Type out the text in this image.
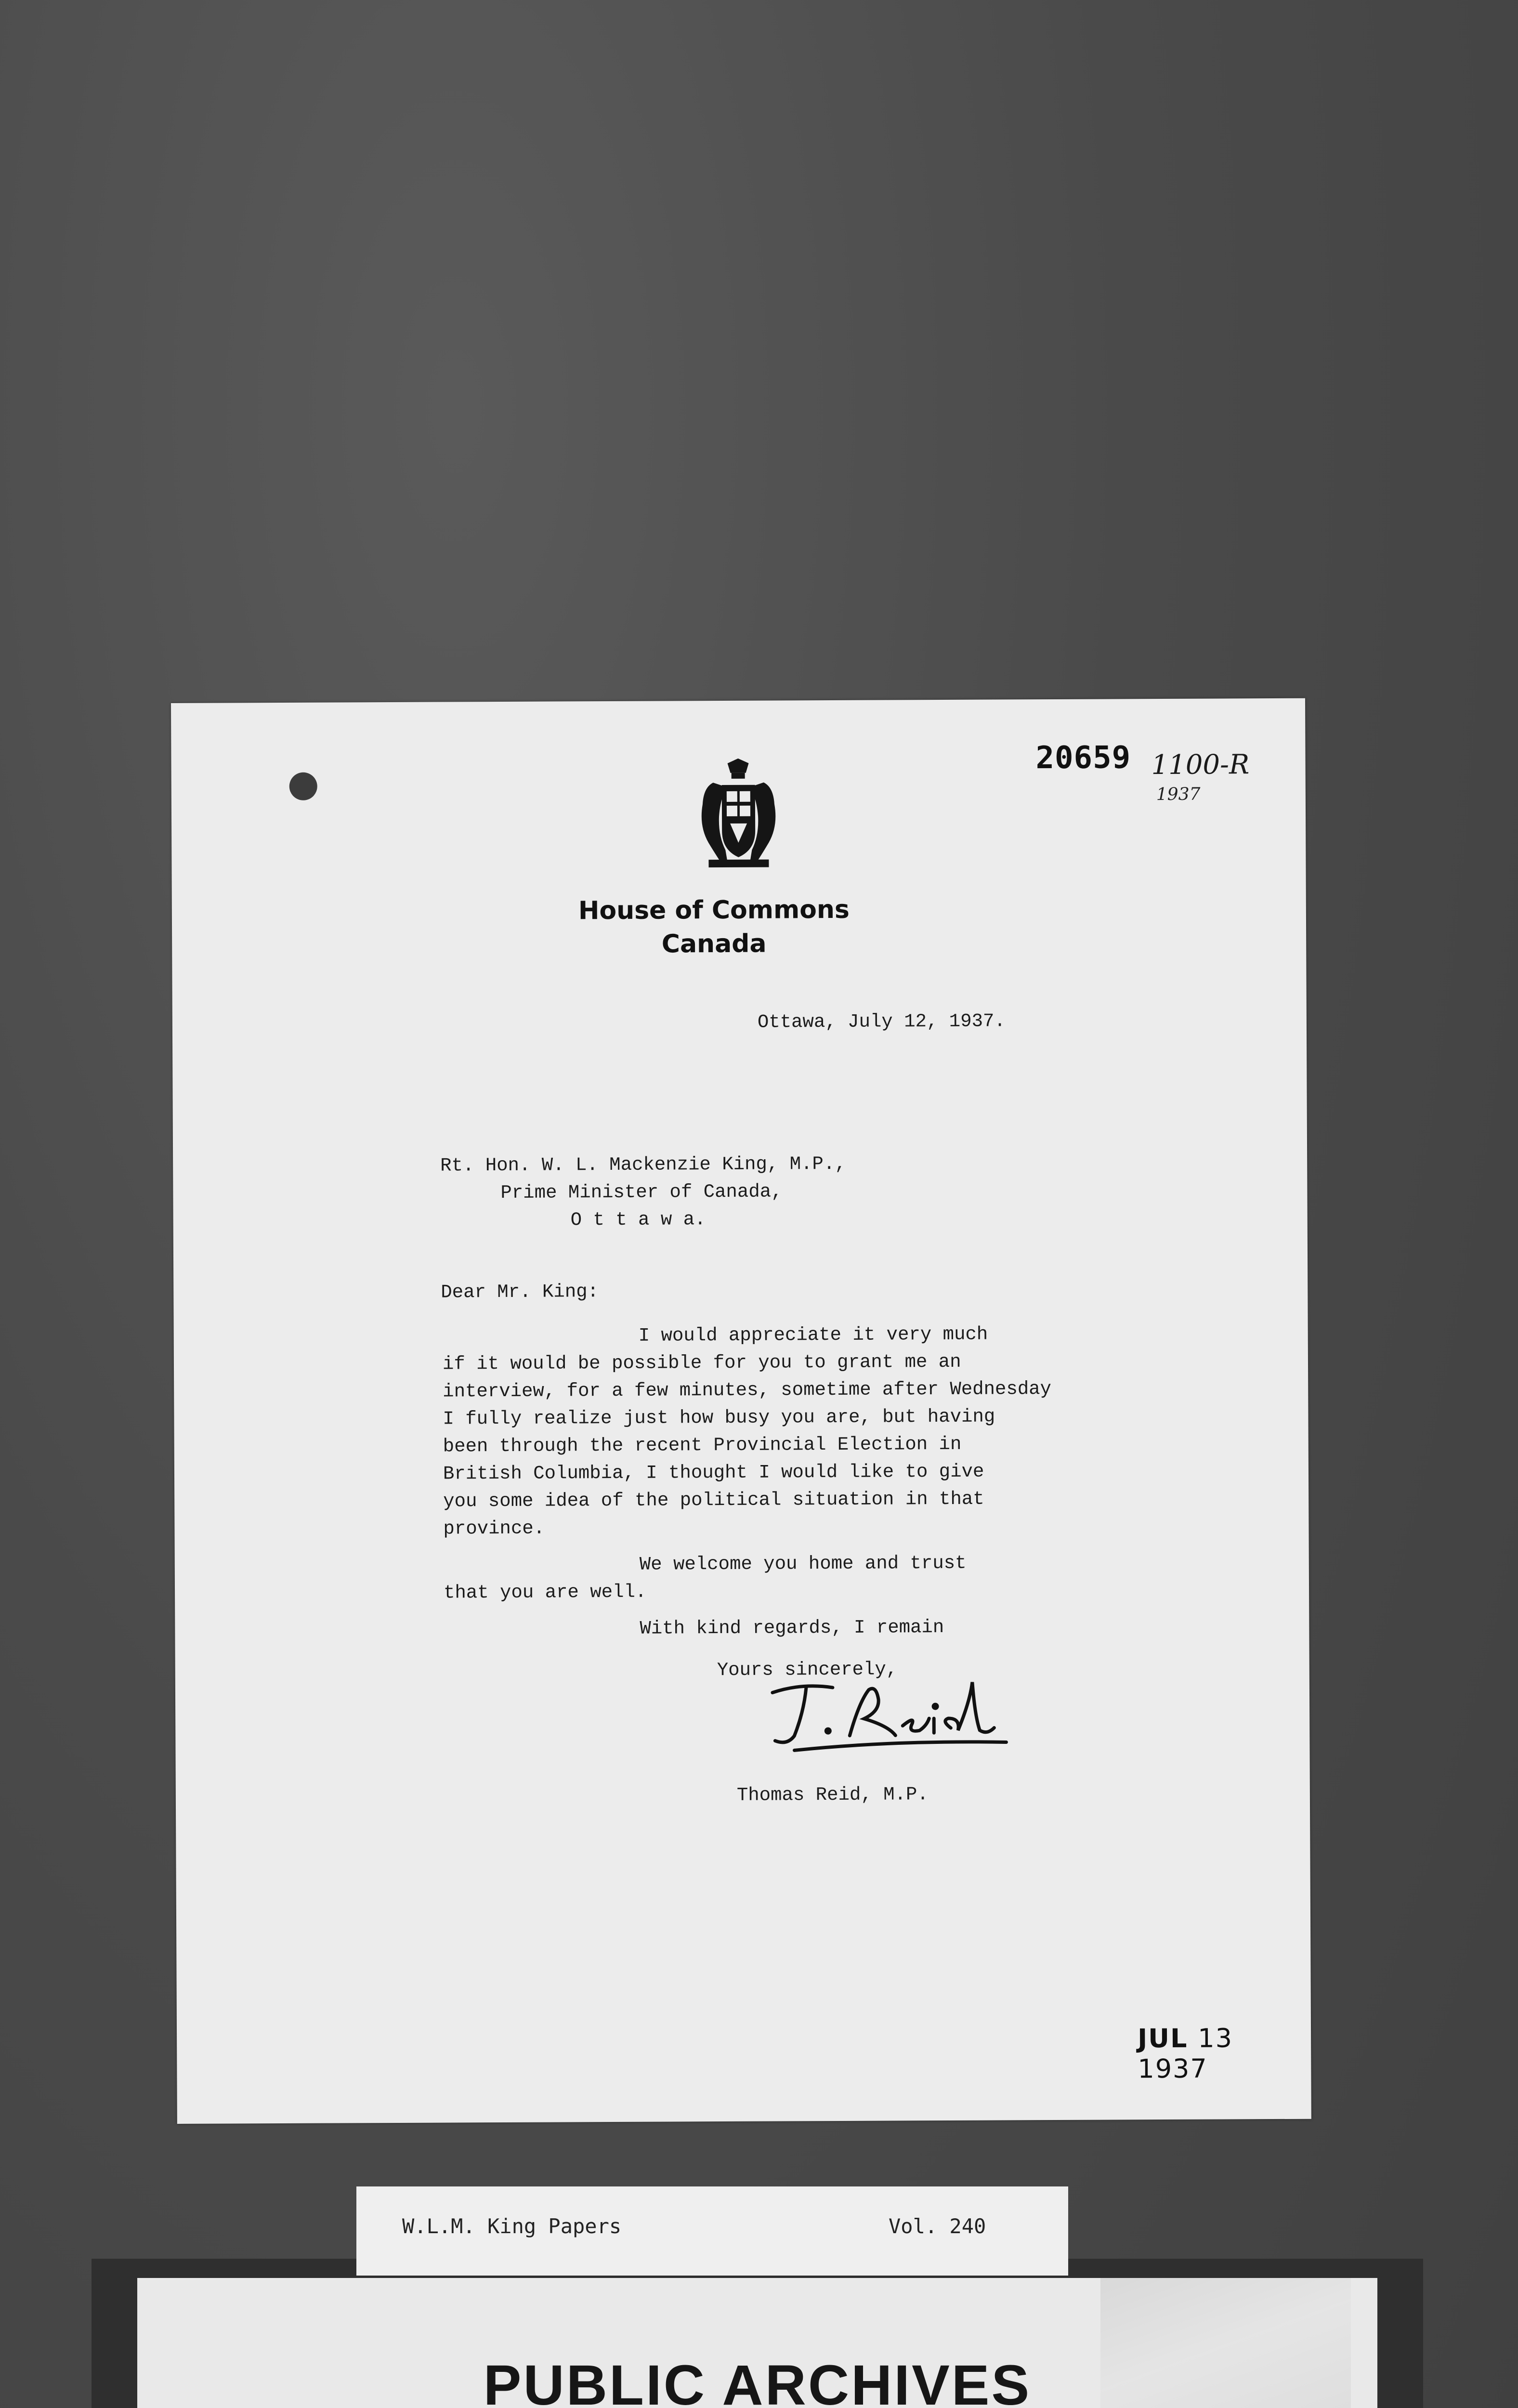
House of Commons
Canada
20659 1100-R
1937
Ottawa, July 12, 1937.
Rt. Hon. W. L. Mackenzie King, M.P.,
Prime Minister of Canada,
O t t a w a.
Dear Mr. King:
I would appreciate it very much
if it would be possible for you to grant me an
interview, for a few minutes, sometime after Wednesday
I fully realize just how busy you are, but having
been through the recent Provincial Election in
British Columbia, I thought I would like to give
you some idea of the political situation in that
province.
We welcome you home and trust
that you are well.
With kind regards, I remain
Yours sincerely,
Thomas Reid, M.P.
JUL 13 1937
PUBLIC ARCHIVES
W.L.M. King Papers	Vol. 240
